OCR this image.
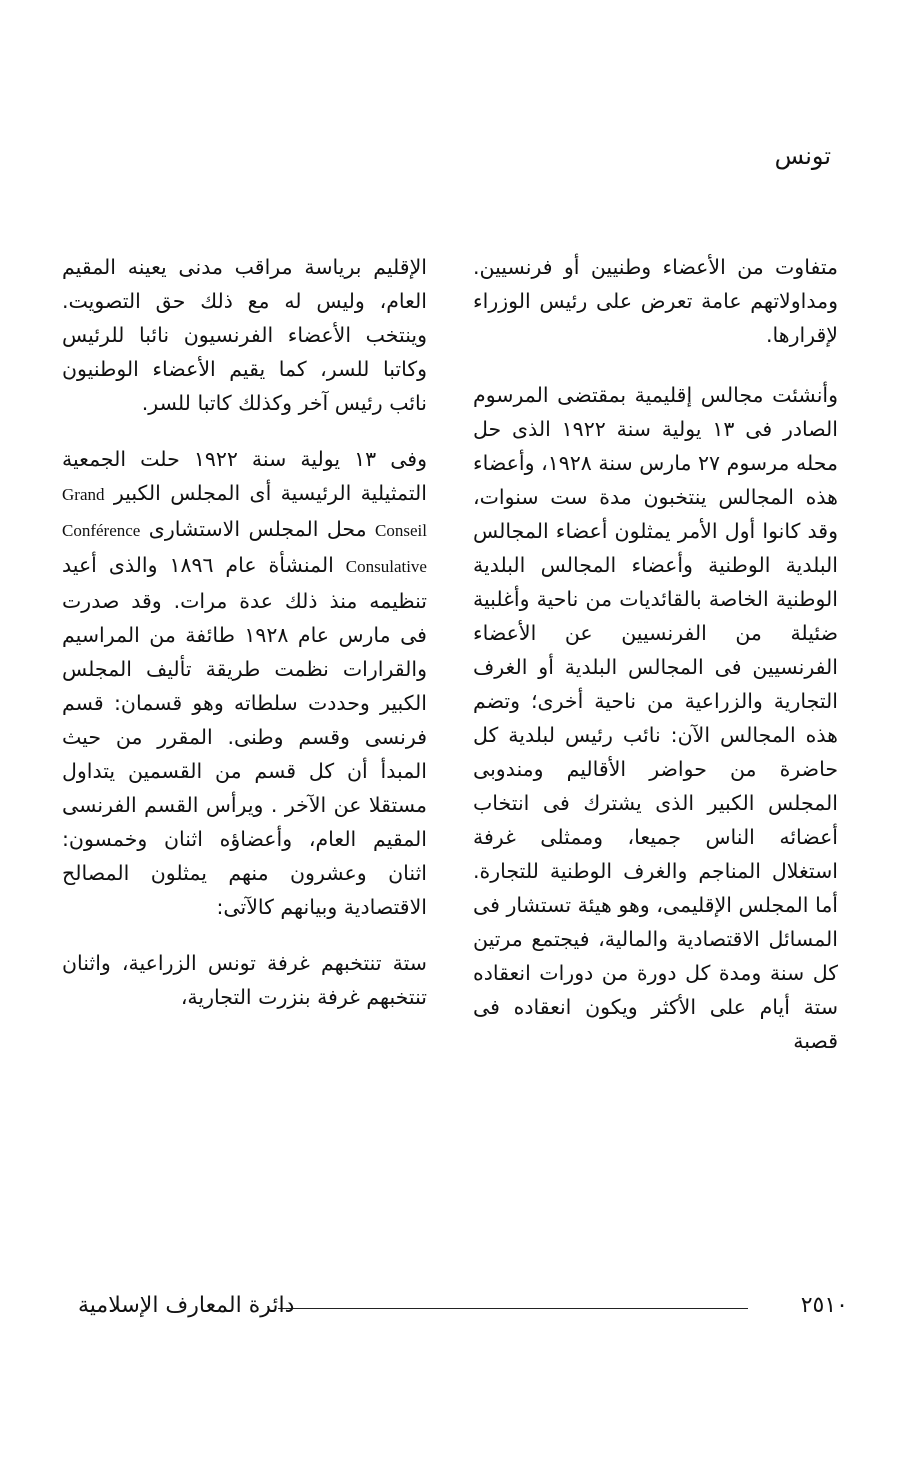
تونس

متفاوت من الأعضاء وطنيين أو فرنسيين. ومداولاتهم عامة تعرض على رئيس الوزراء لإقرارها.

وأنشئت مجالس إقليمية بمقتضى المرسوم الصادر فى ١٣ يولية سنة ١٩٢٢ الذى حل محله مرسوم ٢٧ مارس سنة ١٩٢٨، وأعضاء هذه المجالس ينتخبون مدة ست سنوات، وقد كانوا أول الأمر يمثلون أعضاء المجالس البلدية الوطنية وأعضاء المجالس البلدية الوطنية الخاصة بالقائديات من ناحية وأغلبية ضئيلة من الفرنسيين عن الأعضاء الفرنسيين فى المجالس البلدية أو الغرف التجارية والزراعية من ناحية أخرى؛ وتضم هذه المجالس الآن: نائب رئيس لبلدية كل حاضرة من حواضر الأقاليم ومندوبى المجلس الكبير الذى يشترك فى انتخاب أعضائه الناس جميعا، وممثلى غرفة استغلال المناجم والغرف الوطنية للتجارة. أما المجلس الإقليمى، وهو هيئة تستشار فى المسائل الاقتصادية والمالية، فيجتمع مرتين كل سنة ومدة كل دورة من دورات انعقاده ستة أيام على الأكثر ويكون انعقاده فى قصبة

الإقليم برياسة مراقب مدنى يعينه المقيم العام، وليس له مع ذلك حق التصويت. وينتخب الأعضاء الفرنسيون نائبا للرئيس وكاتبا للسر، كما يقيم الأعضاء الوطنيون نائب رئيس آخر وكذلك كاتبا للسر.

وفى ١٣ يولية سنة ١٩٢٢ حلت الجمعية التمثيلية الرئيسية أى المجلس الكبير Grand Conseil محل المجلس الاستشارى Conférence Consulative المنشأة عام ١٨٩٦ والذى أعيد تنظيمه منذ ذلك عدة مرات. وقد صدرت فى مارس عام ١٩٢٨ طائفة من المراسيم والقرارات نظمت طريقة تأليف المجلس الكبير وحددت سلطاته وهو قسمان: قسم فرنسى وقسم وطنى. المقرر من حيث المبدأ أن كل قسم من القسمين يتداول مستقلا عن الآخر . ويرأس القسم الفرنسى المقيم العام، وأعضاؤه اثنان وخمسون: اثنان وعشرون منهم يمثلون المصالح الاقتصادية وبيانهم كالآتى:

ستة تنتخبهم غرفة تونس الزراعية، واثنان تنتخبهم غرفة بنزرت التجارية،

٢٥١٠
دائرة المعارف الإسلامية
